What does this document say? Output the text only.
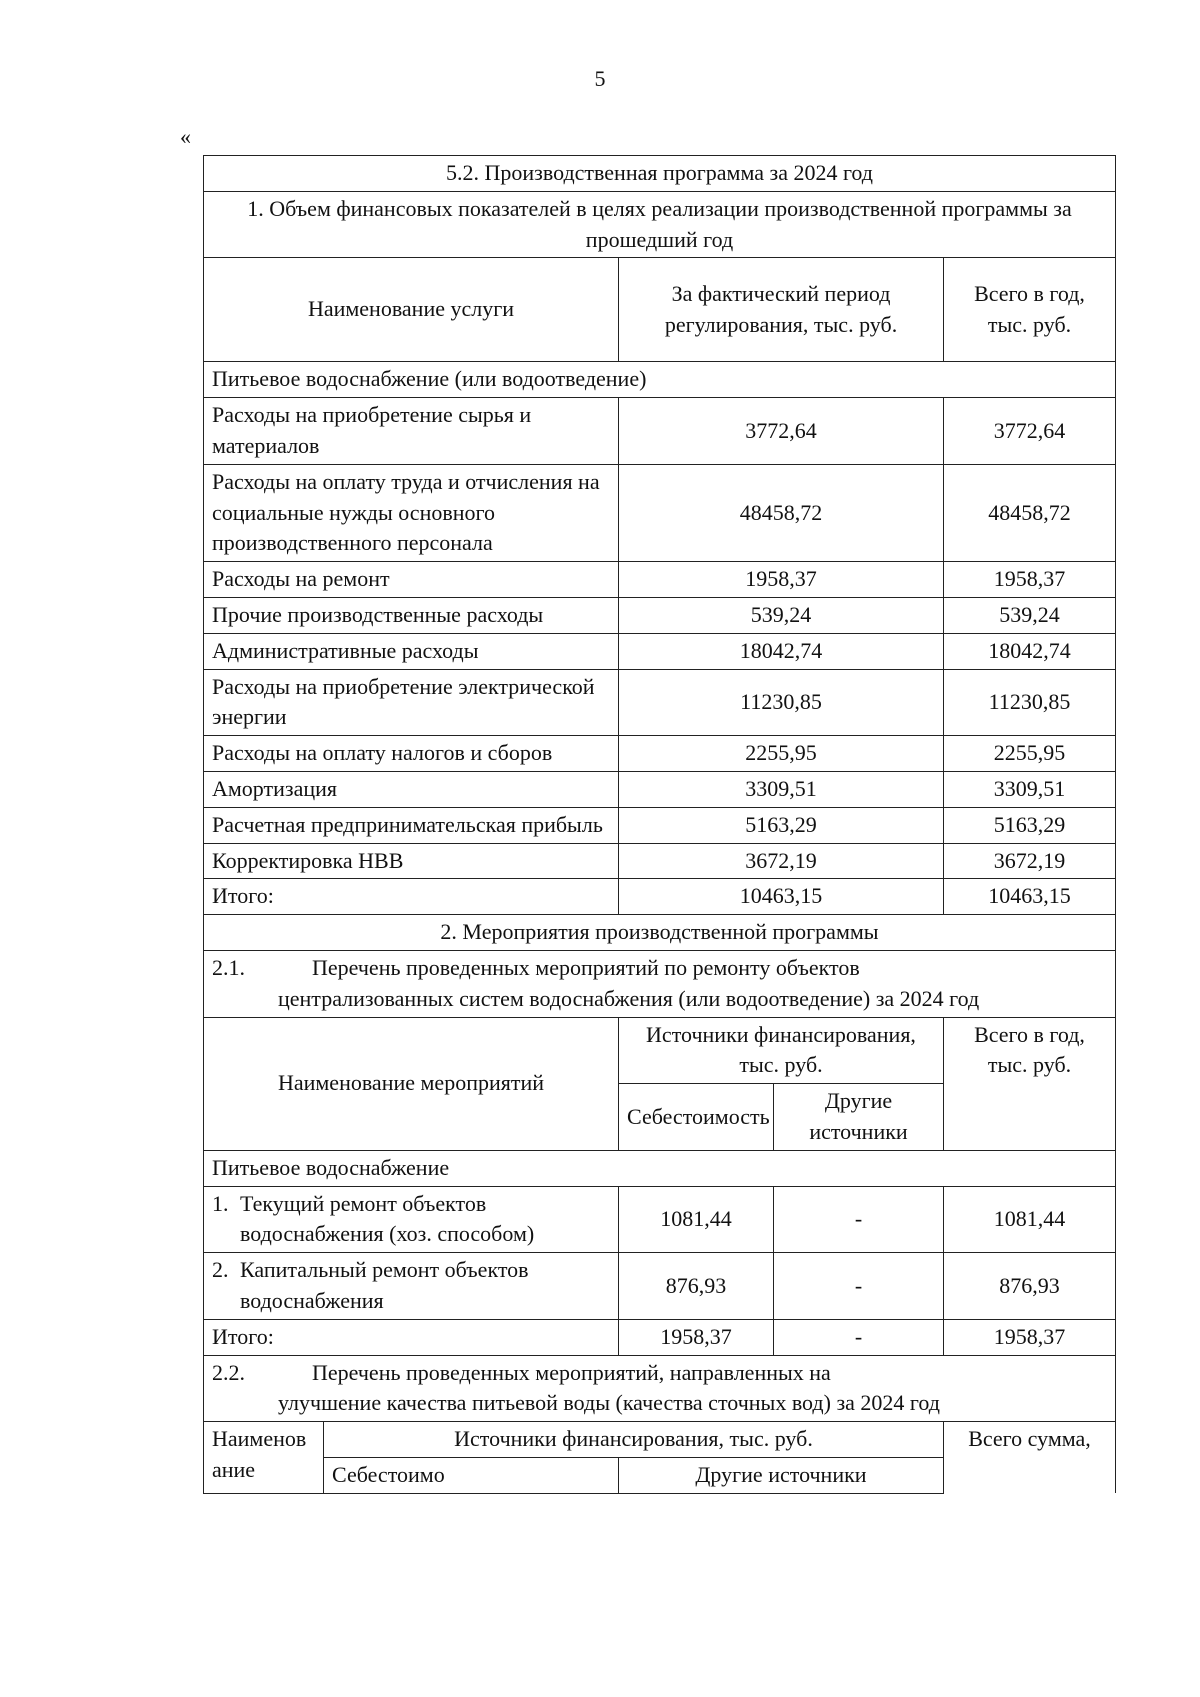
5
«
5.2. Производственная программа за 2024 год				
1. Объем финансовых показателей в целях реализации производственной программы за прошедший год				
Наименование услуги		За фактический период регулирования, тыс. руб.		Всего в год, тыс. руб.
Питьевое водоснабжение (или водоотведение)				
Расходы на приобретение сырья и материалов		3772,64		3772,64
Расходы на оплату труда и отчисления на социальные нужды основного производственного персонала		48458,72		48458,72
Расходы на ремонт		1958,37		1958,37
Прочие производственные расходы		539,24		539,24
Административные расходы		18042,74		18042,74
Расходы на приобретение электрической энергии		11230,85		11230,85
Расходы на оплату налогов и сборов		2255,95		2255,95
Амортизация		3309,51		3309,51
Расчетная предпринимательская прибыль		5163,29		5163,29
Корректировка НВВ		3672,19		3672,19
Итого:		10463,15		10463,15
2. Мероприятия производственной программы				
2.1. Перечень проведенных мероприятий по ремонту объектов
централизованных систем водоснабжения (или водоотведение) за 2024 год				

Наименование мероприятий		Источники финансирования, тыс. руб.		Всего в год, тыс. руб.
		Себестоимость	Другие источники	
Питьевое водоснабжение				

1. Текущий ремонт объектов водоснабжения (хоз. способом)		1081,44	-	1081,44

2. Капитальный ремонт объектов водоснабжения		876,93	-	876,93
Итого:		1958,37	-	1958,37
2.2. Перечень проведенных мероприятий, направленных на
улучшение качества питьевой воды (качества сточных вод) за 2024 год				

Наименование	Источники финансирования, тыс. руб.			Всего сумма,
	Себестоимо	Другие источники		
